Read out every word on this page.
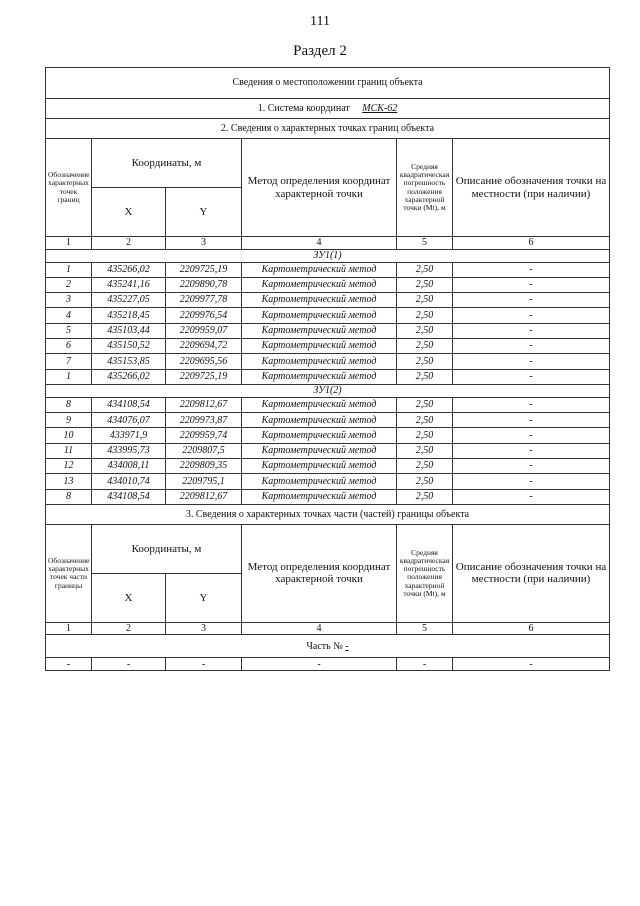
111
Раздел 2
Сведения о местоположении границ объекта					
1. Система координат МСК-62					
2. Сведения о характерных точках границ объекта					
Обозначение характерных точек границ	Координаты, м		Метод определения координат характерной точки	Средняя квадратическая погрешность положения характерной точки (Mt), м	Описание обозначения точки на местности (при наличии)
	X	Y			
1	2	3	4	5	6
ЗУ1(1)					
1	435266,02	2209725,19	Картометрический метод	2,50	-
2	435241,16	2209890,78	Картометрический метод	2,50	-
3	435227,05	2209977,78	Картометрический метод	2,50	-
4	435218,45	2209976,54	Картометрический метод	2,50	-
5	435103,44	2209959,07	Картометрический метод	2,50	-
6	435150,52	2209694,72	Картометрический метод	2,50	-
7	435153,85	2209695,56	Картометрический метод	2,50	-
1	435266,02	2209725,19	Картометрический метод	2,50	-
ЗУ1(2)					
8	434108,54	2209812,67	Картометрический метод	2,50	-
9	434076,07	2209973,87	Картометрический метод	2,50	-
10	433971,9	2209959,74	Картометрический метод	2,50	-
11	433995,73	2209807,5	Картометрический метод	2,50	-
12	434008,11	2209809,35	Картометрический метод	2,50	-
13	434010,74	2209795,1	Картометрический метод	2,50	-
8	434108,54	2209812,67	Картометрический метод	2,50	-
3. Сведения о характерных точках части (частей) границы объекта					
Обозначение характерных точек части границы	Координаты, м		Метод определения координат характерной точки	Средняя квадратическая погрешность положения характерной точки (Mt), м	Описание обозначения точки на местности (при наличии)
	X	Y			
1	2	3	4	5	6
Часть № -					
-	-	-	-	-	-
